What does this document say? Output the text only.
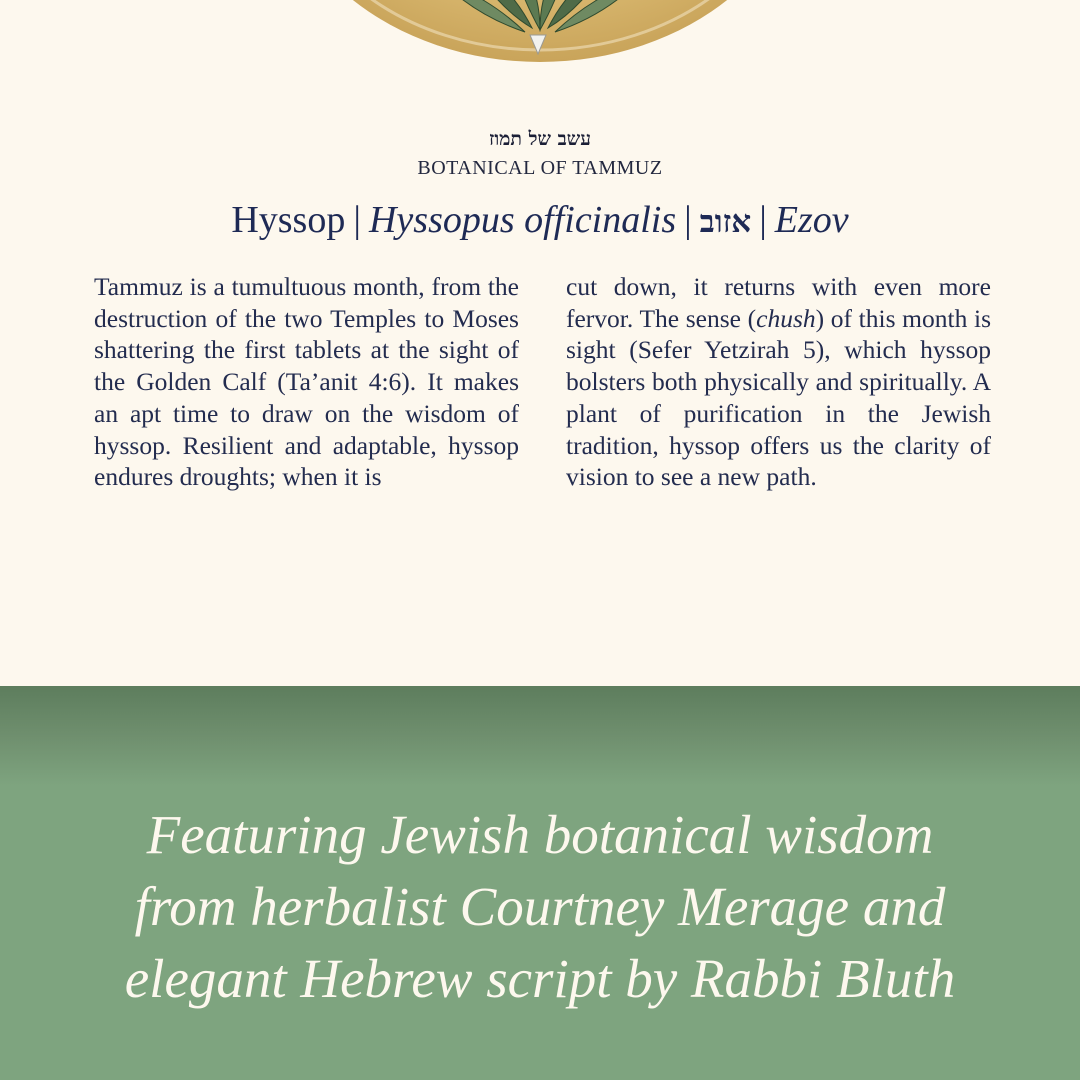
עשב של תמוז
BOTANICAL OF TAMMUZ
Hyssop | Hyssopus officinalis | אזוב | Ezov
Tammuz is a tumultuous month, from the destruction of the two Temples to Moses shattering the first tablets at the sight of the Golden Calf (Ta’anit 4:6). It makes an apt time to draw on the wisdom of hyssop. Resilient and adaptable, hyssop endures droughts; when it is
cut down, it returns with even more fervor. The sense (chush) of this month is sight (Sefer Yetzirah 5), which hyssop bolsters both physically and spiritually. A plant of purification in the Jewish tradition, hyssop offers us the clarity of vision to see a new path.
Featuring Jewish botanical wisdom
from herbalist Courtney Merage and
elegant Hebrew script by Rabbi Bluth
